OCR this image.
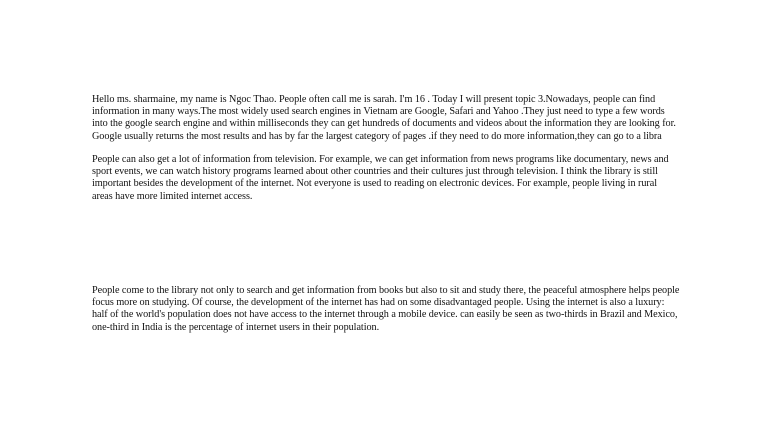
Hello ms. sharmaine, my name is Ngoc Thao. People often call me is sarah. I'm 16 . Today I will present topic 3.Nowadays, people can find
information in many ways.The most widely used search engines in Vietnam are Google, Safari and Yahoo .They just need to type a few words
into the google search engine and within milliseconds they can get hundreds of documents and videos about the information they are looking for.
Google usually returns the most results and has by far the largest category of pages .if they need to do more information,they can go to a libra

People can also get a lot of information from television. For example, we can get information from news programs like documentary, news and
sport events, we can watch history programs learned about other countries and their cultures just through television. I think the library is still
important besides the development of the internet. Not everyone is used to reading on electronic devices. For example, people living in rural
areas have more limited internet access.

People come to the library not only to search and get information from books but also to sit and study there, the peaceful atmosphere helps people
focus more on studying. Of course, the development of the internet has had on some disadvantaged people. Using the internet is also a luxury:
half of the world's population does not have access to the internet through a mobile device. can easily be seen as two-thirds in Brazil and Mexico,
one-third in India is the percentage of internet users in their population.
